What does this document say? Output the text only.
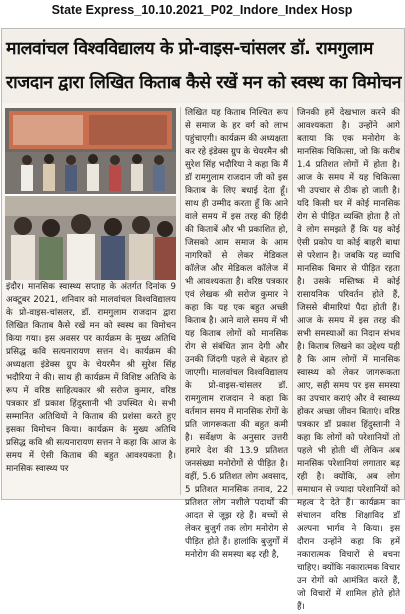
State Express_10.10.2021_P02_Indore_Index Hosp
मालवांचल विश्वविद्यालय के प्रो-वाइस-चांसलर डॉ. रामगुलाम
राजदान द्वारा लिखित किताब कैसे रखें मन को स्वस्थ का विमोचन

इंदौर। मानसिक स्वास्थ्य सप्ताह के अंतर्गत दिनांक 9 अक्टूबर 2021, शनिवार को मालवांचल विश्वविद्यालय के प्रो-वाइस-चांसलर, डॉ. रामगुलाम राजदान द्वारा लिखित किताब कैसे रखें मन को स्वस्थ का विमोचन किया गया। इस अवसर पर कार्यक्रम के मुख्य अतिथि प्रसिद्ध कवि सत्यनारायण सत्तन थे। कार्यक्रम की अध्यक्षता इंडेक्स ग्रुप के चेयरमैन श्री सुरेश सिंह भदौरिया ने की। साथ ही कार्यक्रम में विशिष्ट अतिथि के रूप में वरिष्ठ साहित्यकार श्री सरोज कुमार, वरिष्ठ पत्रकार डॉ प्रकाश हिंदुस्तानी भी उपस्थित थे। सभी सम्मानित अतिथियों ने किताब की प्रशंसा करते हुए इसका विमोचन किया। कार्यक्रम के मुख्य अतिथि प्रसिद्ध कवि श्री सत्यनारायण सत्तन ने कहा कि आज के समय में ऐसी किताब की बहुत आवश्यकता है। मानसिक स्वास्थ्य पर

लिखित यह किताब निश्चित रूप से समाज के हर वर्ग को लाभ पहुंचाएगी। कार्यक्रम की अध्यक्षता कर रहे इंडेक्स ग्रुप के चेयरमैन श्री सुरेश सिंह भदौरिया ने कहा कि मैं डॉ रामगुलाम राजदान जी को इस किताब के लिए बधाई देता हूँ। साथ ही उम्मीद करता हूँ कि आने वाले समय में इस तरह की हिंदी की किताबें और भी प्रकाशित हो, जिसको आम समाज के आम नागरिकों से लेकर मेडिकल कॉलेज और मेडिकल कॉलेज में भी आवश्यकता है। वरिष्ठ पत्रकार एवं लेखक श्री सरोज कुमार ने कहा कि यह एक बहुत अच्छी किताब है। आने वाले समय में भी यह किताब लोगों को मानसिक रोग से संबंधित ज्ञान देगी और उनकी जिंदगी पहले से बेहतर हो जाएगी। मालवांचल विश्वविद्यालय के प्रो-वाइस-चांसलर डॉ. रामगुलाम राजदान ने कहा कि वर्तमान समय में मानसिक रोगों के प्रति जागरूकता की बहुत कमी है। सर्वेक्षण के अनुसार उत्तरी हमारे देश की 13.9 प्रतिशत जनसंख्या मनोरोगों से पीड़ित है। वहीं, 5.6 प्रतिशत लोग अवसाद, 5 प्रतिशत मानसिक तनाव, 22 प्रतिशत लोग नशीले पदार्थों की आदत से जूझ रहे हैं। बच्चों से लेकर बुजुर्ग तक लोग मनोरोग से पीड़ित होते हैं। हालांकि बुजुर्गों में मनोरोग की समस्या बढ़ रही है,

जिनकी हमें देखभाल करने की आवश्यकता है। उन्होंने आगे बताया कि एक मनोरोग के मानसिक चिकित्सा, जो कि करीब 1.4 प्रतिशत लोगों में होता है। आज के समय में यह चिकित्सा भी उपचार से ठीक हो जाती है। यदि किसी घर में कोई मानसिक रोग से पीड़ित व्यक्ति होता है तो वे लोग समझते हैं कि यह कोई ऐसी प्रकोप या कोई बाहरी बाधा से परेशान है। जबकि यह व्याधि मानसिक बिमार से पीड़ित रहता है। उसके मस्तिष्क में कोई रासायनिक परिवर्तन होते हैं, जिससे बीमारियां पैदा होती हैं। आज के समय में इस तरह की सभी समस्याओं का निदान संभव है। किताब लिखने का उद्देश्य यही है कि आम लोगों में मानसिक स्वास्थ्य को लेकर जागरूकता आए, सही समय पर इस समस्या का उपचार कराएं और वे स्वास्थ्य होकर अच्छा जीवन बिताएं। वरिष्ठ पत्रकार डॉ प्रकाश हिंदुस्तानी ने कहा कि लोगों को परेशानियों तो पहले भी होती थीं लेकिन अब मानसिक परेशानियां लगातार बढ़ रही है। क्योंकि, अब लोग समाधान से ज्यादा परेशानियों को महत्व दे देते हैं। कार्यक्रम का संचालन वरिष्ठ शिक्षाविद डॉ अल्पना भार्गव ने किया। इस दौरान उन्होंने कहा कि हमें नकारात्मक विचारों से बचना चाहिए। क्योंकि नकारात्मक विचार उन रोगों को आमंत्रित करते हैं, जो विचारों में शामिल होते होते हैं।
